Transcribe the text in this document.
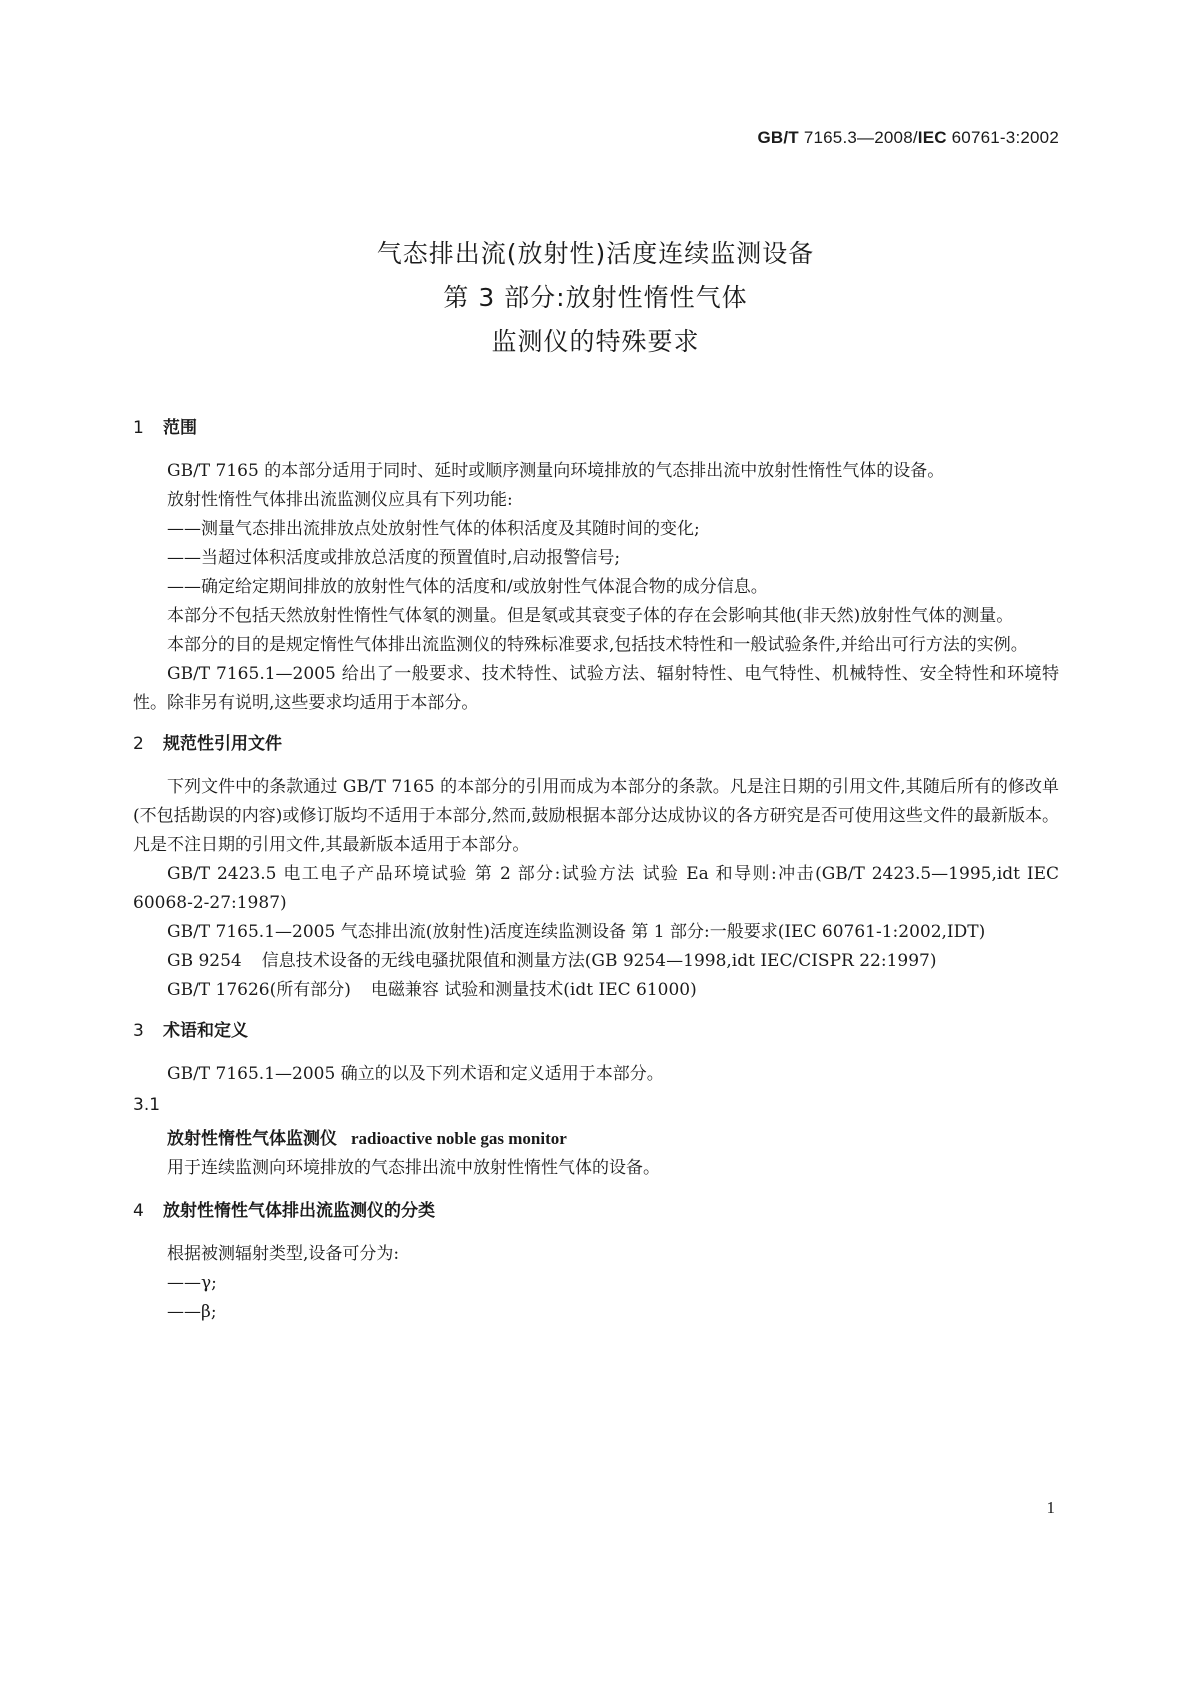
GB/T 7165.3—2008/IEC 60761-3:2002
气态排出流(放射性)活度连续监测设备
第 3 部分:放射性惰性气体
监测仪的特殊要求
1 范围

GB/T 7165 的本部分适用于同时、延时或顺序测量向环境排放的气态排出流中放射性惰性气体的设备。

放射性惰性气体排出流监测仪应具有下列功能:

——测量气态排出流排放点处放射性气体的体积活度及其随时间的变化;

——当超过体积活度或排放总活度的预置值时,启动报警信号;

——确定给定期间排放的放射性气体的活度和/或放射性气体混合物的成分信息。

本部分不包括天然放射性惰性气体氡的测量。但是氡或其衰变子体的存在会影响其他(非天然)放射性气体的测量。

本部分的目的是规定惰性气体排出流监测仪的特殊标准要求,包括技术特性和一般试验条件,并给出可行方法的实例。

GB/T 7165.1—2005 给出了一般要求、技术特性、试验方法、辐射特性、电气特性、机械特性、安全特性和环境特性。除非另有说明,这些要求均适用于本部分。

2 规范性引用文件

下列文件中的条款通过 GB/T 7165 的本部分的引用而成为本部分的条款。凡是注日期的引用文件,其随后所有的修改单(不包括勘误的内容)或修订版均不适用于本部分,然而,鼓励根据本部分达成协议的各方研究是否可使用这些文件的最新版本。凡是不注日期的引用文件,其最新版本适用于本部分。

GB/T 2423.5 电工电子产品环境试验 第 2 部分:试验方法 试验 Ea 和导则:冲击(GB/T 2423.5—1995,idt IEC 60068-2-27:1987)

GB/T 7165.1—2005 气态排出流(放射性)活度连续监测设备 第 1 部分:一般要求(IEC 60761-1:2002,IDT)

GB 9254 信息技术设备的无线电骚扰限值和测量方法(GB 9254—1998,idt IEC/CISPR 22:1997)
GB/T 17626(所有部分) 电磁兼容 试验和测量技术(idt IEC 61000)
3 术语和定义

GB/T 7165.1—2005 确立的以及下列术语和定义适用于本部分。

3.1
放射性惰性气体监测仪 radioactive noble gas monitor
用于连续监测向环境排放的气态排出流中放射性惰性气体的设备。
4 放射性惰性气体排出流监测仪的分类

根据被测辐射类型,设备可分为:

——γ;

——β;

1
